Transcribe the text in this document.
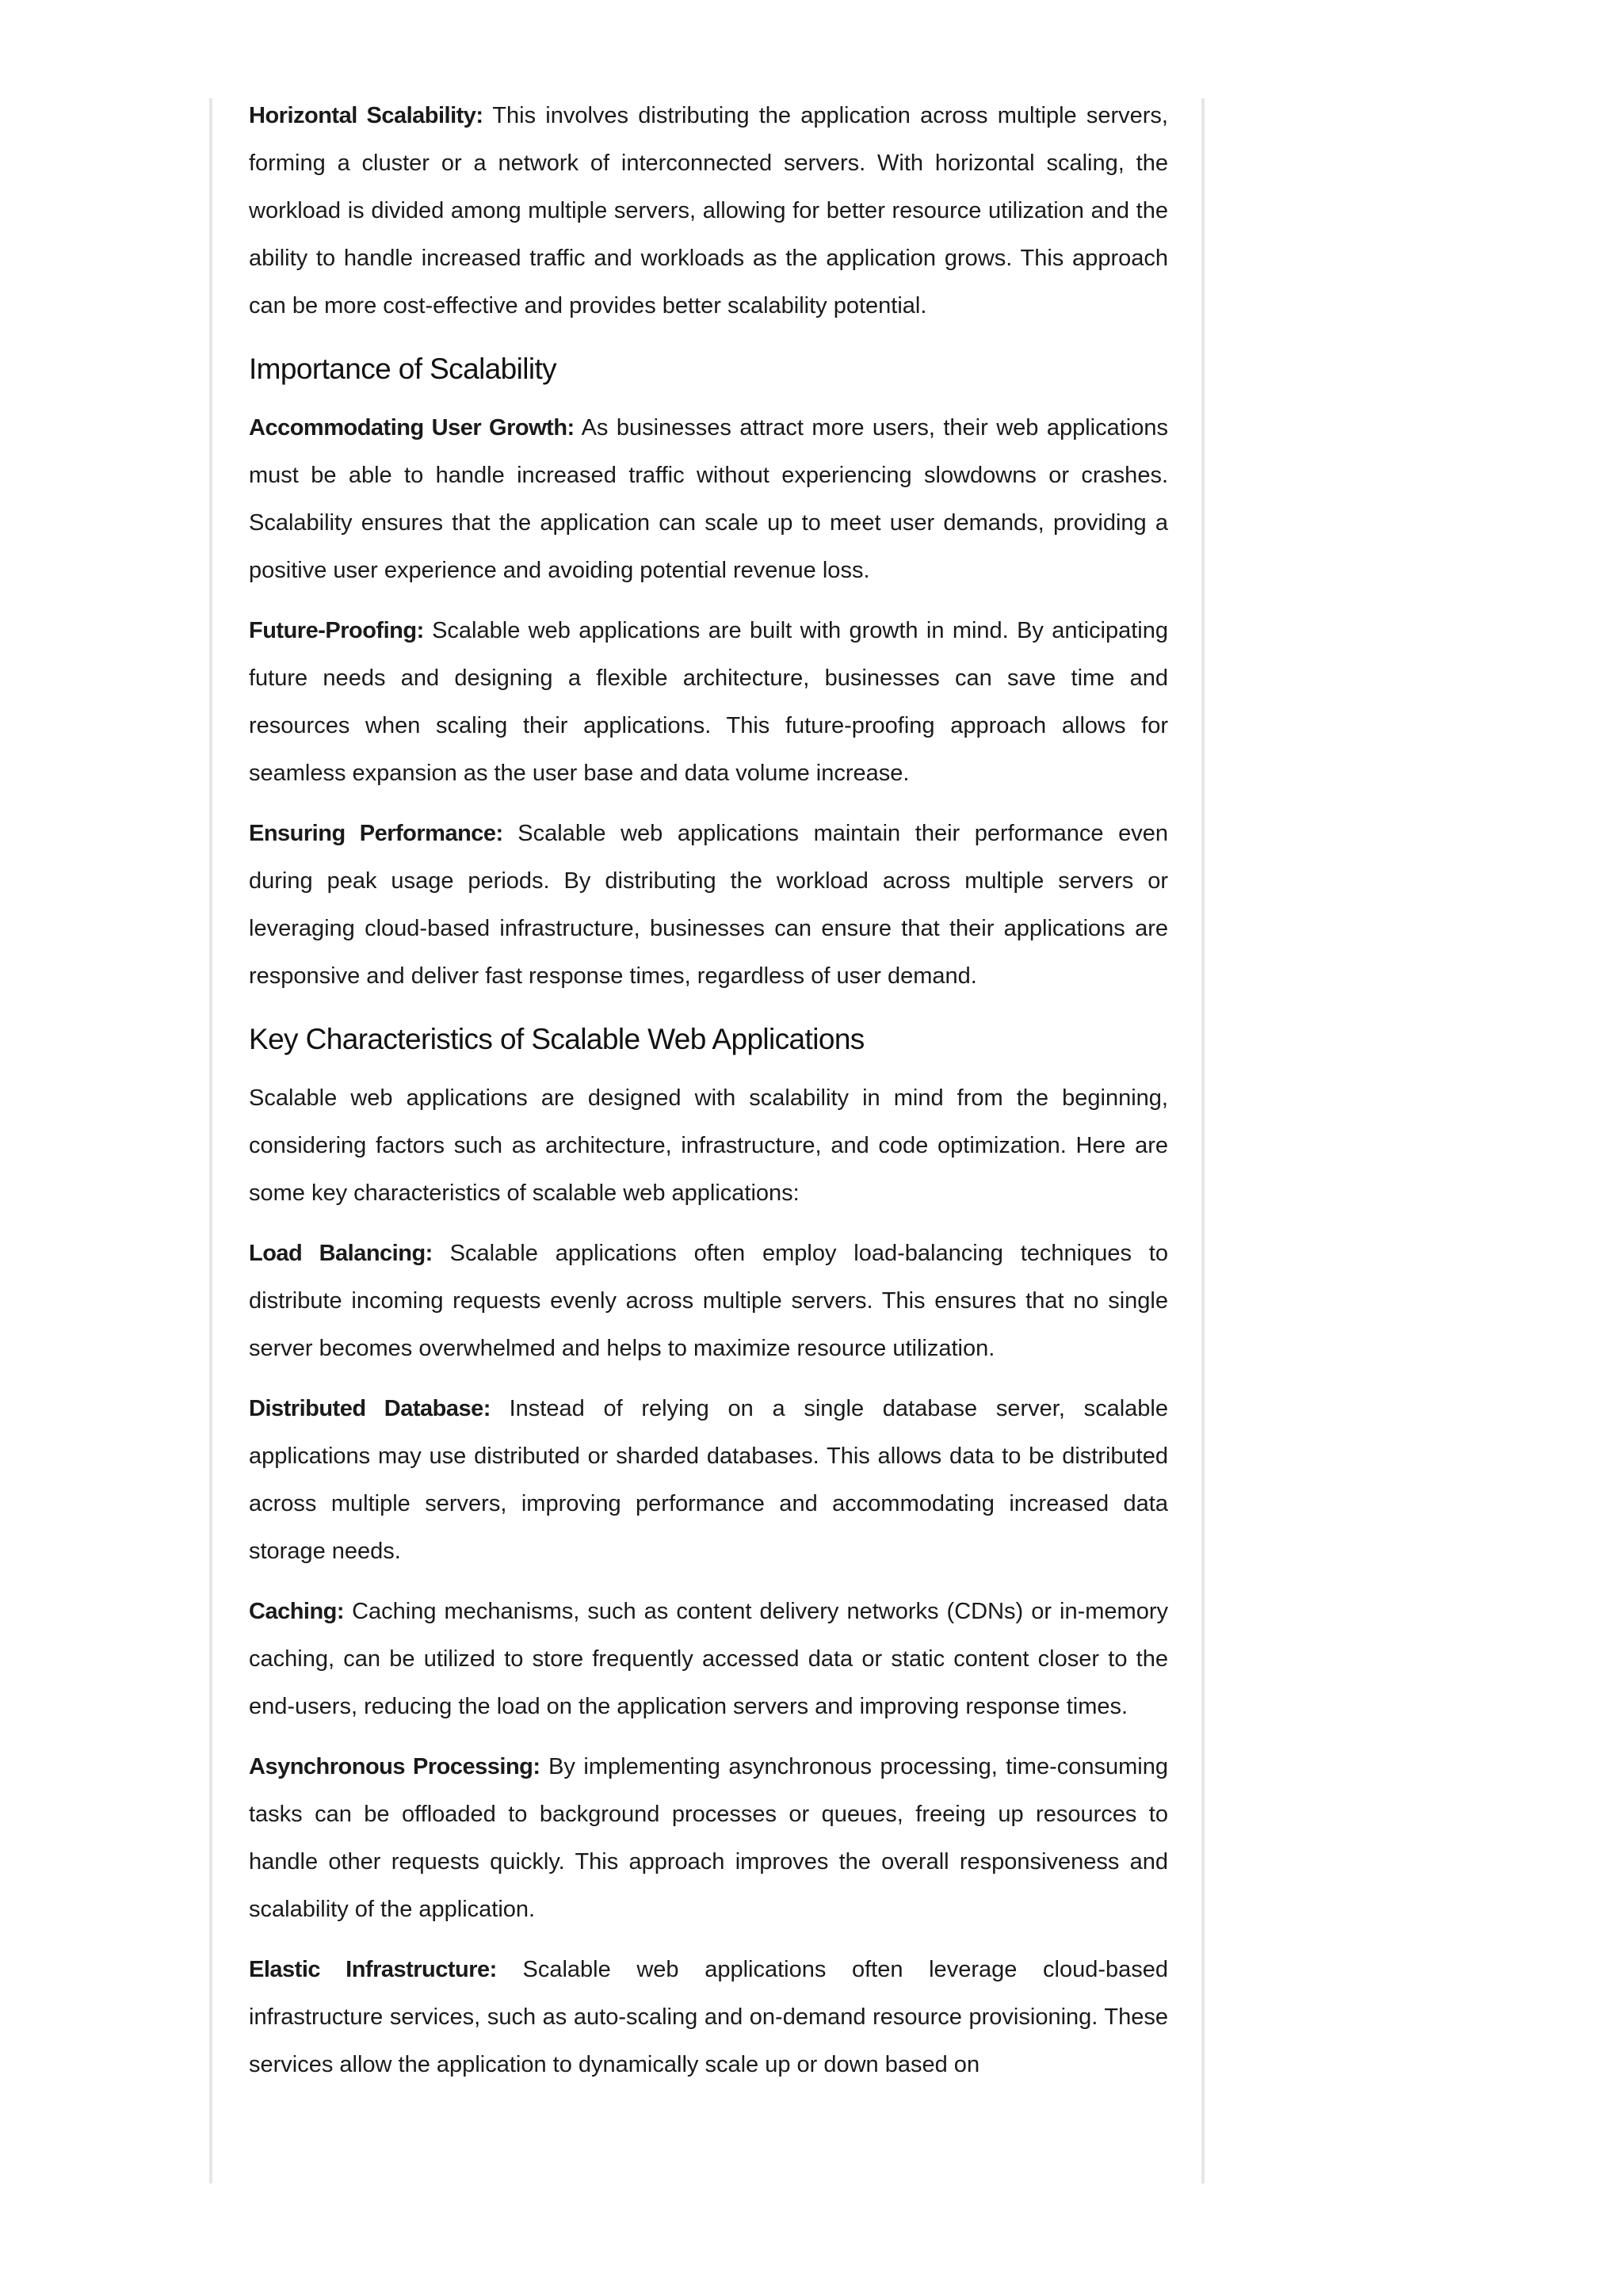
Horizontal Scalability: This involves distributing the application across multiple servers, forming a cluster or a network of interconnected servers. With horizontal scaling, the workload is divided among multiple servers, allowing for better resource utilization and the ability to handle increased traffic and workloads as the application grows. This approach can be more cost-effective and provides better scalability potential.

Importance of Scalability

Accommodating User Growth: As businesses attract more users, their web applications must be able to handle increased traffic without experiencing slowdowns or crashes. Scalability ensures that the application can scale up to meet user demands, providing a positive user experience and avoiding potential revenue loss.

Future-Proofing: Scalable web applications are built with growth in mind. By anticipating future needs and designing a flexible architecture, businesses can save time and resources when scaling their applications. This future-proofing approach allows for seamless expansion as the user base and data volume increase.

Ensuring Performance: Scalable web applications maintain their performance even during peak usage periods. By distributing the workload across multiple servers or leveraging cloud-based infrastructure, businesses can ensure that their applications are responsive and deliver fast response times, regardless of user demand.

Key Characteristics of Scalable Web Applications

Scalable web applications are designed with scalability in mind from the beginning, considering factors such as architecture, infrastructure, and code optimization. Here are some key characteristics of scalable web applications:

Load Balancing: Scalable applications often employ load-balancing techniques to distribute incoming requests evenly across multiple servers. This ensures that no single server becomes overwhelmed and helps to maximize resource utilization.

Distributed Database: Instead of relying on a single database server, scalable applications may use distributed or sharded databases. This allows data to be distributed across multiple servers, improving performance and accommodating increased data storage needs.

Caching: Caching mechanisms, such as content delivery networks (CDNs) or in-memory caching, can be utilized to store frequently accessed data or static content closer to the end-users, reducing the load on the application servers and improving response times.

Asynchronous Processing: By implementing asynchronous processing, time-consuming tasks can be offloaded to background processes or queues, freeing up resources to handle other requests quickly. This approach improves the overall responsiveness and scalability of the application.

Elastic Infrastructure: Scalable web applications often leverage cloud-based infrastructure services, such as auto-scaling and on-demand resource provisioning. These services allow the application to dynamically scale up or down based on
